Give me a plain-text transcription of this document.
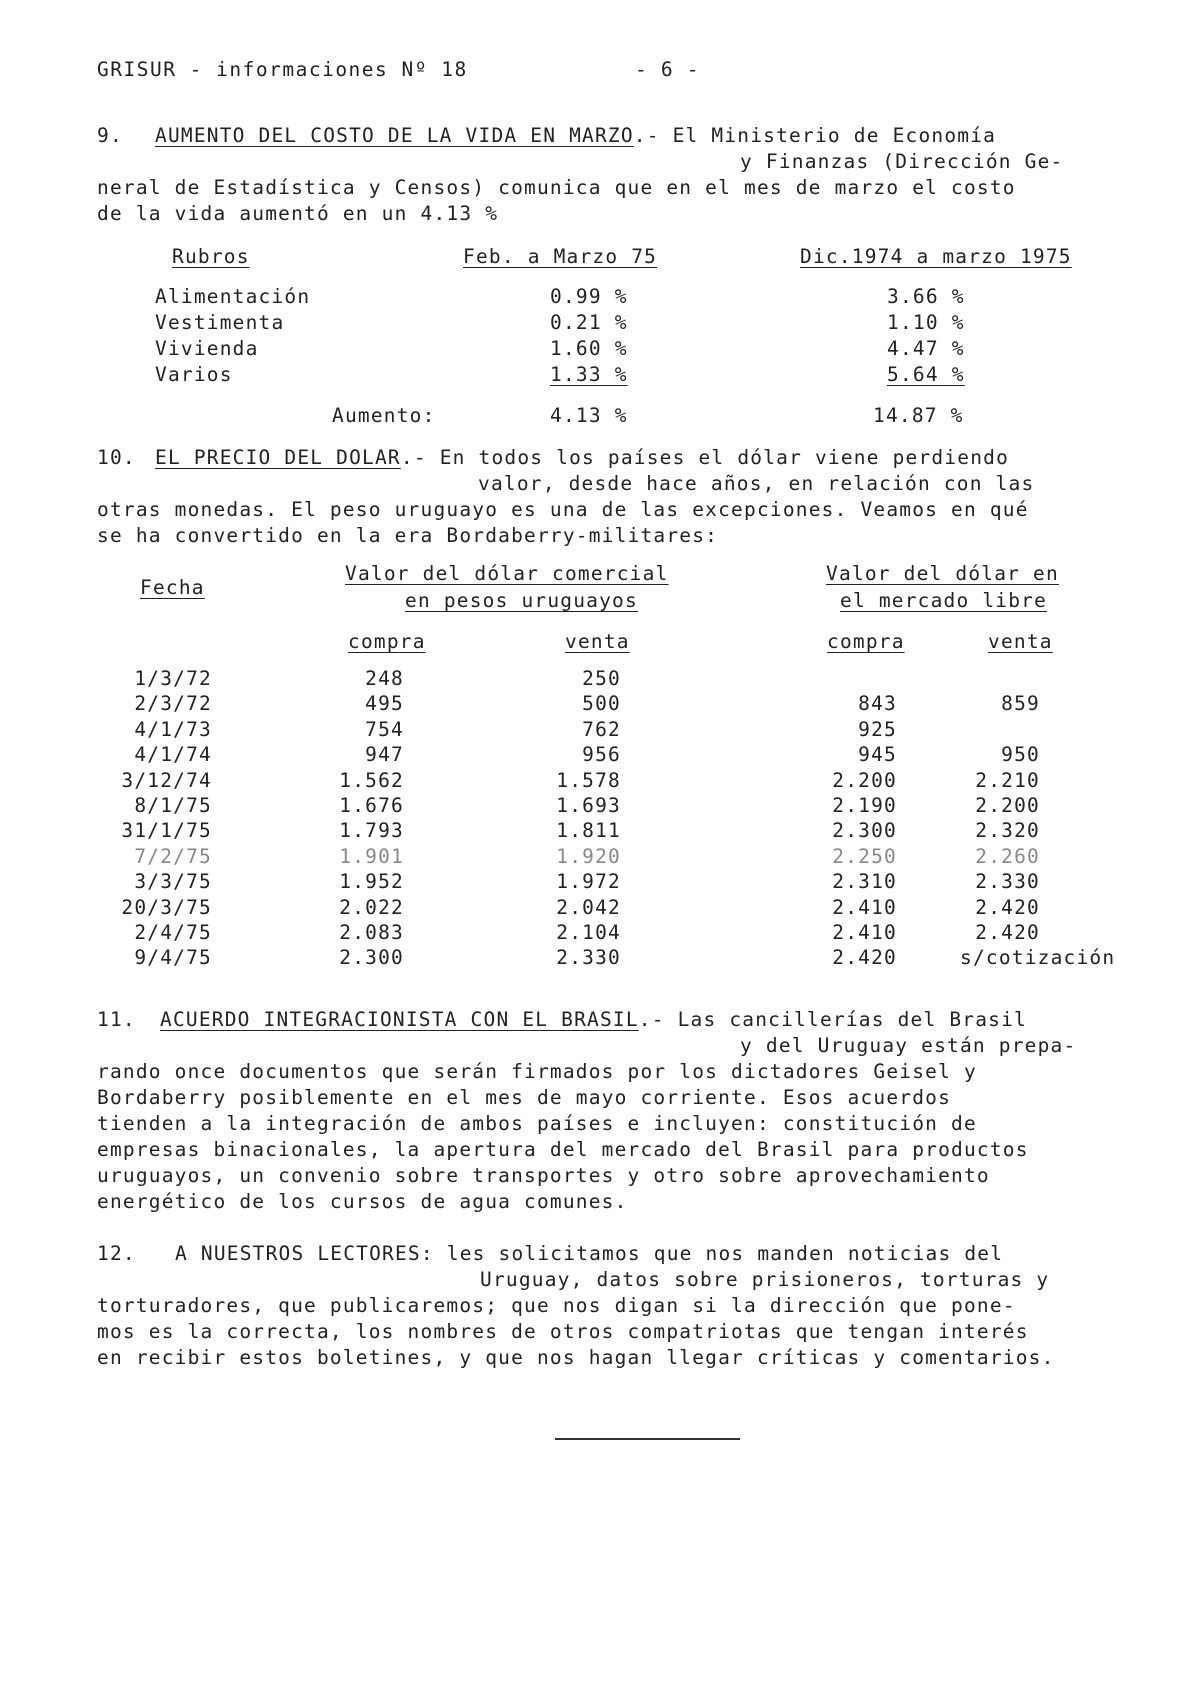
GRISUR - informaciones Nº 18	- 6 -
9. AUMENTO DEL COSTO DE LA VIDA EN MARZO.- El Ministerio de Economía
y Finanzas (Dirección Ge-
neral de Estadística y Censos) comunica que en el mes de marzo el costo
de la vida aumentó en un 4.13 %
Rubros	Feb. a Marzo 75	Dic.1974 a marzo 1975
Alimentación	0.99 %	3.66 %
Vestimenta	0.21 %	1.10 %
Vivienda	1.60 %	4.47 %
Varios	1.33 %	5.64 %
Aumento:	4.13 %	14.87 %
10. EL PRECIO DEL DOLAR.- En todos los países el dólar viene perdiendo
valor, desde hace años, en relación con las
otras monedas. El peso uruguayo es una de las excepciones. Veamos en qué
se ha convertido en la era Bordaberry-militares:
Fecha
Valor del dólar comercial
en pesos uruguayos
Valor del dólar en
el mercado libre
compra	venta	compra	venta
1/3/72	248	250
2/3/72	495	500	843	859
4/1/73	754	762	925
4/1/74	947	956	945	950
3/12/74	1.562	1.578	2.200	2.210
8/1/75	1.676	1.693	2.190	2.200
31/1/75	1.793	1.811	2.300	2.320
7/2/75	1.901	1.920	2.250	2.260
3/3/75	1.952	1.972	2.310	2.330
20/3/75	2.022	2.042	2.410	2.420
2/4/75	2.083	2.104	2.410	2.420
9/4/75	2.300	2.330	2.420	s/cotización
11. ACUERDO INTEGRACIONISTA CON EL BRASIL.- Las cancillerías del Brasil
y del Uruguay están prepa-
rando once documentos que serán firmados por los dictadores Geisel y
Bordaberry posiblemente en el mes de mayo corriente. Esos acuerdos
tienden a la integración de ambos países e incluyen: constitución de
empresas binacionales, la apertura del mercado del Brasil para productos
uruguayos, un convenio sobre transportes y otro sobre aprovechamiento
energético de los cursos de agua comunes.
12. A NUESTROS LECTORES: les solicitamos que nos manden noticias del
Uruguay, datos sobre prisioneros, torturas y
torturadores, que publicaremos; que nos digan si la dirección que pone-
mos es la correcta, los nombres de otros compatriotas que tengan interés
en recibir estos boletines, y que nos hagan llegar críticas y comentarios.
